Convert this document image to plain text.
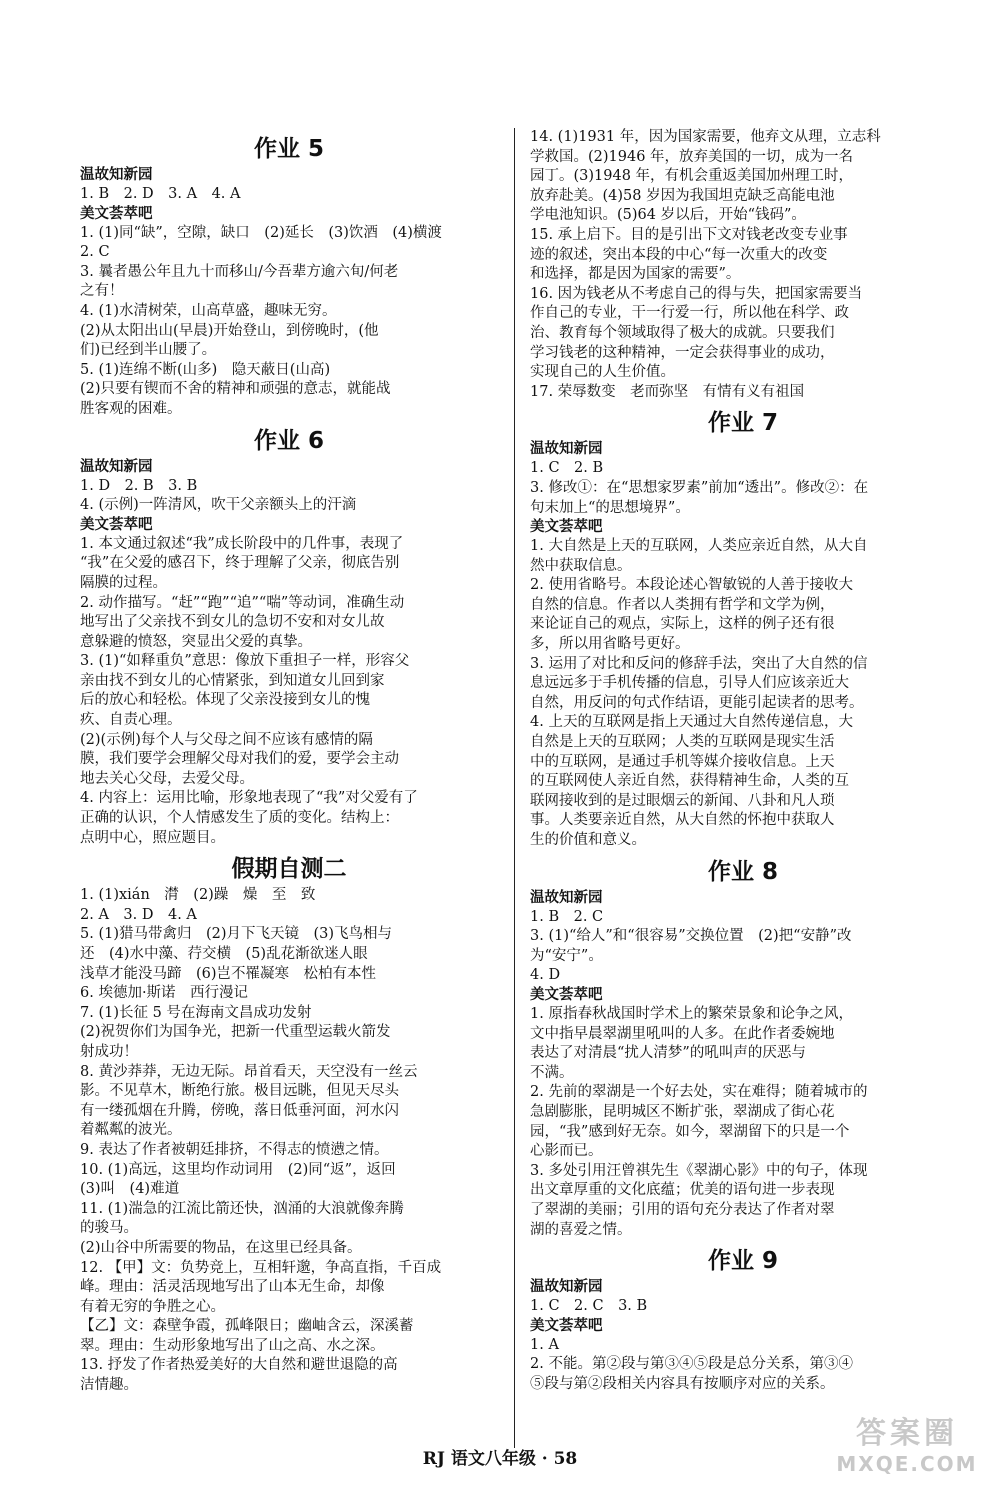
作业 5
温故知新园
1. B　2. D　3. A　4. A
美文荟萃吧
1. (1)同“缺”，空隙，缺口　(2)延长　(3)饮酒　(4)横渡
2. C
3. 曩者愚公年且九十而移山/今吾辈方逾六旬/何老
之有！
4. (1)水清树荣，山高草盛，趣味无穷。
(2)从太阳出山(早晨)开始登山，到傍晚时，(他
们)已经到半山腰了。
5. (1)连绵不断(山多)　隐天蔽日(山高)
(2)只要有锲而不舍的精神和顽强的意志，就能战
胜客观的困难。
作业 6
温故知新园
1. D　2. B　3. B
4. (示例)一阵清风，吹干父亲额头上的汗滴
美文荟萃吧
1. 本文通过叙述“我”成长阶段中的几件事，表现了
“我”在父爱的感召下，终于理解了父亲，彻底告别
隔膜的过程。
2. 动作描写。“赶”“跑”“追”“喘”等动词，准确生动
地写出了父亲找不到女儿的急切不安和对女儿故
意躲避的愤怒，突显出父爱的真挚。
3. (1)“如释重负”意思：像放下重担子一样，形容父
亲由找不到女儿的心情紧张，到知道女儿回到家
后的放心和轻松。体现了父亲没接到女儿的愧
疚、自责心理。
(2)(示例)每个人与父母之间不应该有感情的隔
膜，我们要学会理解父母对我们的爱，要学会主动
地去关心父母，去爱父母。
4. 内容上：运用比喻，形象地表现了“我”对父爱有了
正确的认识，个人情感发生了质的变化。结构上：
点明中心，照应题目。
假期自测二
1. (1)xián　潸　(2)躁　燥　至　致
2. A　3. D　4. A
5. (1)猎马带禽归　(2)月下飞天镜　(3)飞鸟相与
还　(4)水中藻、荇交横　(5)乱花渐欲迷人眼
浅草才能没马蹄　(6)岂不罹凝寒　松柏有本性
6. 埃德加·斯诺　西行漫记
7. (1)长征 5 号在海南文昌成功发射
(2)祝贺你们为国争光，把新一代重型运载火箭发
射成功！
8. 黄沙莽莽，无边无际。昂首看天，天空没有一丝云
影。不见草木，断绝行旅。极目远眺，但见天尽头
有一缕孤烟在升腾，傍晚，落日低垂河面，河水闪
着粼粼的波光。
9. 表达了作者被朝廷排挤，不得志的愤懑之情。
10. (1)高远，这里均作动词用　(2)同“返”，返回
(3)叫　(4)难道
11. (1)湍急的江流比箭还快，汹涌的大浪就像奔腾
的骏马。
(2)山谷中所需要的物品，在这里已经具备。
12. 【甲】文：负势竞上，互相轩邈，争高直指，千百成
峰。理由：活灵活现地写出了山本无生命，却像
有着无穷的争胜之心。
【乙】文：森壁争霞，孤峰限日；幽岫含云，深溪蓄
翠。理由：生动形象地写出了山之高、水之深。
13. 抒发了作者热爱美好的大自然和避世退隐的高
洁情趣。
14. (1)1931 年，因为国家需要，他弃文从理，立志科
学救国。(2)1946 年，放弃美国的一切，成为一名
园丁。(3)1948 年，有机会重返美国加州理工时，
放弃赴美。(4)58 岁因为我国坦克缺乏高能电池
学电池知识。(5)64 岁以后，开始“钱码”。
15. 承上启下。目的是引出下文对钱老改变专业事
迹的叙述，突出本段的中心“每一次重大的改变
和选择，都是因为国家的需要”。
16. 因为钱老从不考虑自己的得与失，把国家需要当
作自己的专业，干一行爱一行，所以他在科学、政
治、教育每个领域取得了极大的成就。只要我们
学习钱老的这种精神，一定会获得事业的成功，
实现自己的人生价值。
17. 荣辱数变　老而弥坚　有情有义有祖国
作业 7
温故知新园
1. C　2. B
3. 修改①：在“思想家罗素”前加“透出”。修改②：在
句末加上“的思想境界”。
美文荟萃吧
1. 大自然是上天的互联网，人类应亲近自然，从大自
然中获取信息。
2. 使用省略号。本段论述心智敏锐的人善于接收大
自然的信息。作者以人类拥有哲学和文学为例，
来论证自己的观点，实际上，这样的例子还有很
多，所以用省略号更好。
3. 运用了对比和反问的修辞手法，突出了大自然的信
息远远多于手机传播的信息，引导人们应该亲近大
自然，用反问的句式作结语，更能引起读者的思考。
4. 上天的互联网是指上天通过大自然传递信息，大
自然是上天的互联网；人类的互联网是现实生活
中的互联网，是通过手机等媒介接收信息。上天
的互联网使人亲近自然，获得精神生命，人类的互
联网接收到的是过眼烟云的新闻、八卦和凡人琐
事。人类要亲近自然，从大自然的怀抱中获取人
生的价值和意义。
作业 8
温故知新园
1. B　2. C
3. (1)“给人”和“很容易”交换位置　(2)把“安静”改
为“安宁”。
4. D
美文荟萃吧
1. 原指春秋战国时学术上的繁荣景象和论争之风，
文中指早晨翠湖里吼叫的人多。在此作者委婉地
表达了对清晨“扰人清梦”的吼叫声的厌恶与
不满。
2. 先前的翠湖是一个好去处，实在难得；随着城市的
急剧膨胀，昆明城区不断扩张，翠湖成了街心花
园，“我”感到好无奈。如今，翠湖留下的只是一个
心影而已。
3. 多处引用汪曾祺先生《翠湖心影》中的句子，体现
出文章厚重的文化底蕴；优美的语句进一步表现
了翠湖的美丽；引用的语句充分表达了作者对翠
湖的喜爱之情。
作业 9
温故知新园
1. C　2. C　3. B
美文荟萃吧
1. A
2. 不能。第②段与第③④⑤段是总分关系，第③④
⑤段与第②段相关内容具有按顺序对应的关系。
RJ 语文八年级 · 58
答案圈
MXQE.COM
